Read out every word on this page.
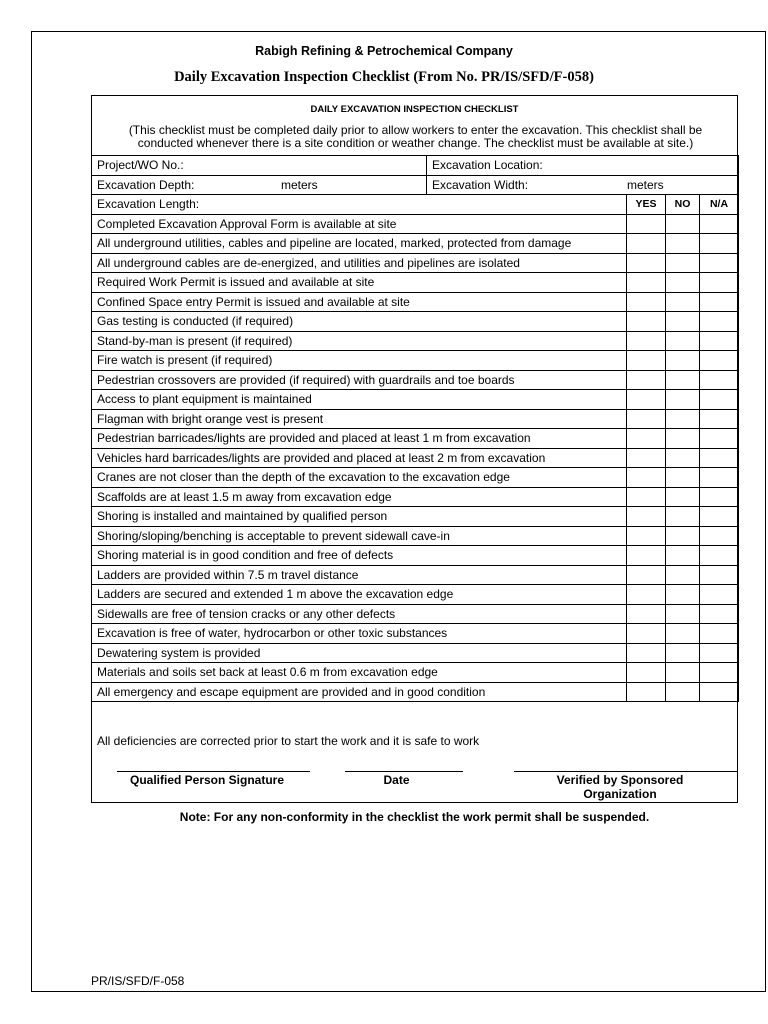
Rabigh Refining & Petrochemical Company
Daily Excavation Inspection Checklist (From No. PR/IS/SFD/F-058)
DAILY EXCAVATION INSPECTION CHECKLIST
(This checklist must be completed daily prior to allow workers to enter the excavation. This checklist shall be
conducted whenever there is a site condition or weather change. The checklist must be available at site.)
Project/WO No.:	Excavation Location:			
Excavation Depth: meters	Excavation Width: meters			

Excavation Length:		YES	NO	N/A
Completed Excavation Approval Form is available at site				
All underground utilities, cables and pipeline are located, marked, protected from damage				
All underground cables are de-energized, and utilities and pipelines are isolated				
Required Work Permit is issued and available at site				
Confined Space entry Permit is issued and available at site				
Gas testing is conducted (if required)				
Stand-by-man is present (if required)				
Fire watch is present (if required)				
Pedestrian crossovers are provided (if required) with guardrails and toe boards				
Access to plant equipment is maintained				
Flagman with bright orange vest is present				
Pedestrian barricades/lights are provided and placed at least 1 m from excavation				
Vehicles hard barricades/lights are provided and placed at least 2 m from excavation				
Cranes are not closer than the depth of the excavation to the excavation edge				
Scaffolds are at least 1.5 m away from excavation edge				
Shoring is installed and maintained by qualified person				
Shoring/sloping/benching is acceptable to prevent sidewall cave-in				
Shoring material is in good condition and free of defects				
Ladders are provided within 7.5 m travel distance				
Ladders are secured and extended 1 m above the excavation edge				
Sidewalls are free of tension cracks or any other defects				
Excavation is free of water, hydrocarbon or other toxic substances				
Dewatering system is provided				
Materials and soils set back at least 0.6 m from excavation edge				
All emergency and escape equipment are provided and in good condition				
All deficiencies are corrected prior to start the work and it is safe to work
Qualified Person Signature	Date	Verified by Sponsored
Organization
Note: For any non-conformity in the checklist the work permit shall be suspended.
PR/IS/SFD/F-058
